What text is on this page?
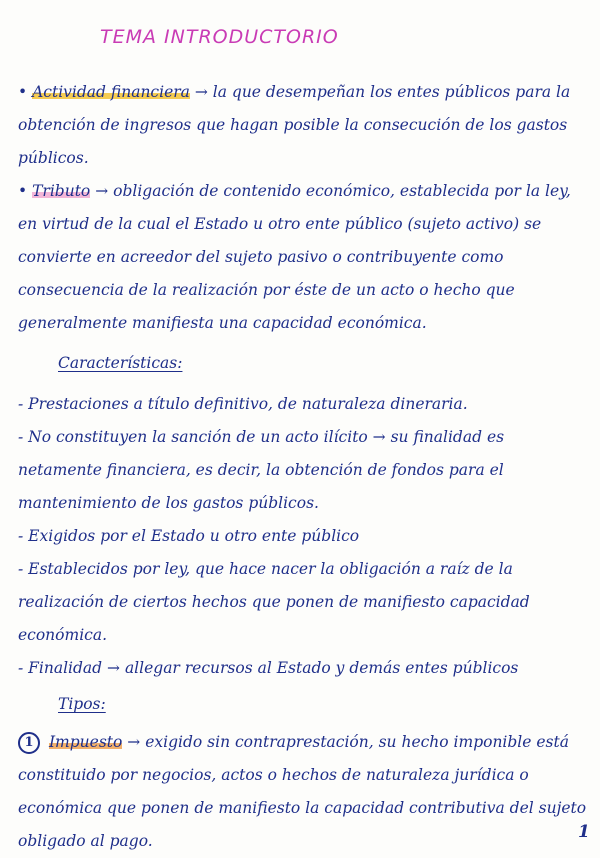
TEMA INTRODUCTORIO
• Actividad financiera → la que desempeñan los entes públicos para la obtención de ingresos que hagan posible la consecución de los gastos públicos.
• Tributo → obligación de contenido económico, establecida por la ley, en virtud de la cual el Estado u otro ente público (sujeto activo) se convierte en acreedor del sujeto pasivo o contribuyente como consecuencia de la realización por éste de un acto o hecho que generalmente manifiesta una capacidad económica.
Características:
- Prestaciones a título definitivo, de naturaleza dineraria.
- No constituyen la sanción de un acto ilícito → su finalidad es netamente financiera, es decir, la obtención de fondos para el mantenimiento de los gastos públicos.
- Exigidos por el Estado u otro ente público
- Establecidos por ley, que hace nacer la obligación a raíz de la realización de ciertos hechos que ponen de manifiesto capacidad económica.
- Finalidad → allegar recursos al Estado y demás entes públicos
Tipos:
1 Impuesto → exigido sin contraprestación, su hecho imponible está constituido por negocios, actos o hechos de naturaleza jurídica o económica que ponen de manifiesto la capacidad contributiva del sujeto obligado al pago.	1
